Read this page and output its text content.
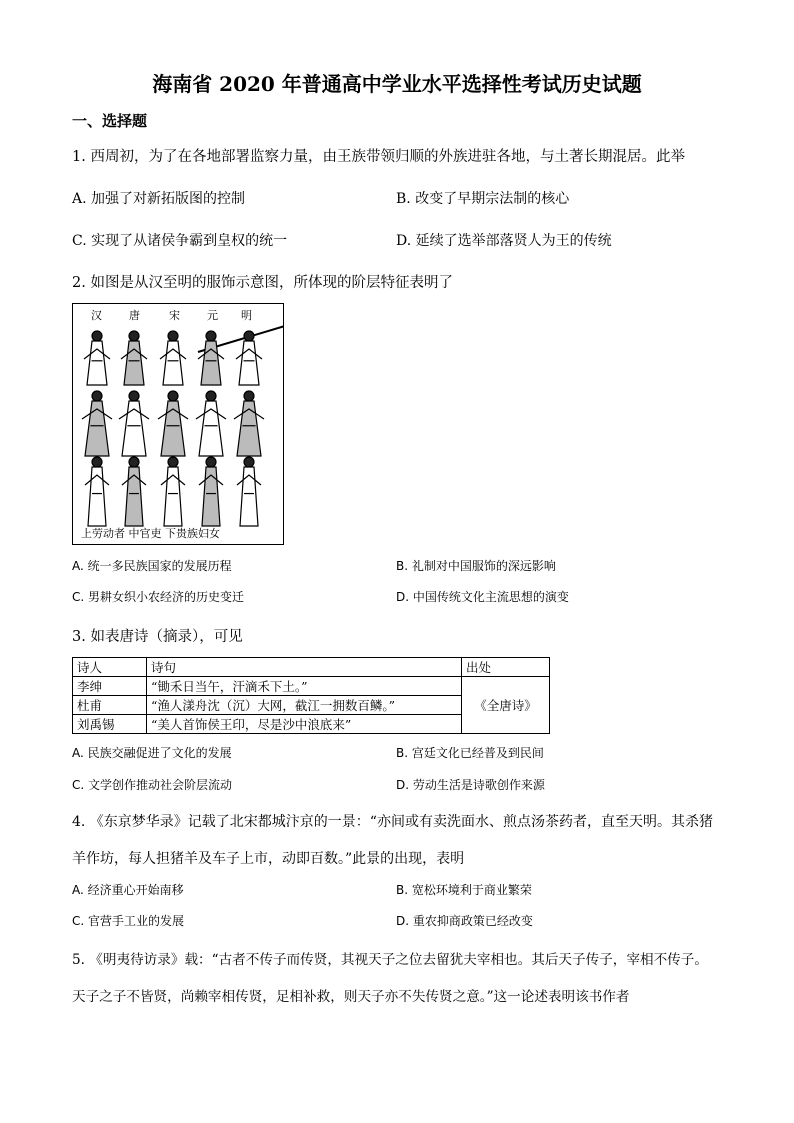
海南省 2020 年普通高中学业水平选择性考试历史试题
一、选择题
1. 西周初，为了在各地部署监察力量，由王族带领归顺的外族进驻各地，与土著长期混居。此举
A. 加强了对新拓版图的控制	B. 改变了早期宗法制的核心
C. 实现了从诸侯争霸到皇权的统一	D. 延续了选举部落贤人为王的传统
2. 如图是从汉至明的服饰示意图，所体现的阶层特征表明了
汉 唐	宋 元 明
上劳动者 中官吏 下贵族妇女
A. 统一多民族国家的发展历程	B. 礼制对中国服饰的深远影响
C. 男耕女织小农经济的历史变迁	D. 中国传统文化主流思想的演变
3. 如表唐诗（摘录），可见
诗人	诗句	出处
李绅	“锄禾日当午，汗滴禾下土。”	《全唐诗》
杜甫	“渔人漾舟沈（沉）大网，截江一拥数百鳞。”	
刘禹锡	“美人首饰侯王印，尽是沙中浪底来”	
A. 民族交融促进了文化的发展	B. 宫廷文化已经普及到民间
C. 文学创作推动社会阶层流动	D. 劳动生活是诗歌创作来源
4. 《东京梦华录》记载了北宋都城汴京的一景：“亦间或有卖洗面水、煎点汤茶药者，直至天明。其杀猪
羊作坊，每人担猪羊及车子上市，动即百数。”此景的出现，表明
A. 经济重心开始南移	B. 宽松环境利于商业繁荣
C. 官营手工业的发展	D. 重农抑商政策已经改变
5. 《明夷待访录》载：“古者不传子而传贤，其视天子之位去留犹夫宰相也。其后天子传子，宰相不传子。
天子之子不皆贤，尚赖宰相传贤，足相补救，则天子亦不失传贤之意。”这一论述表明该书作者
